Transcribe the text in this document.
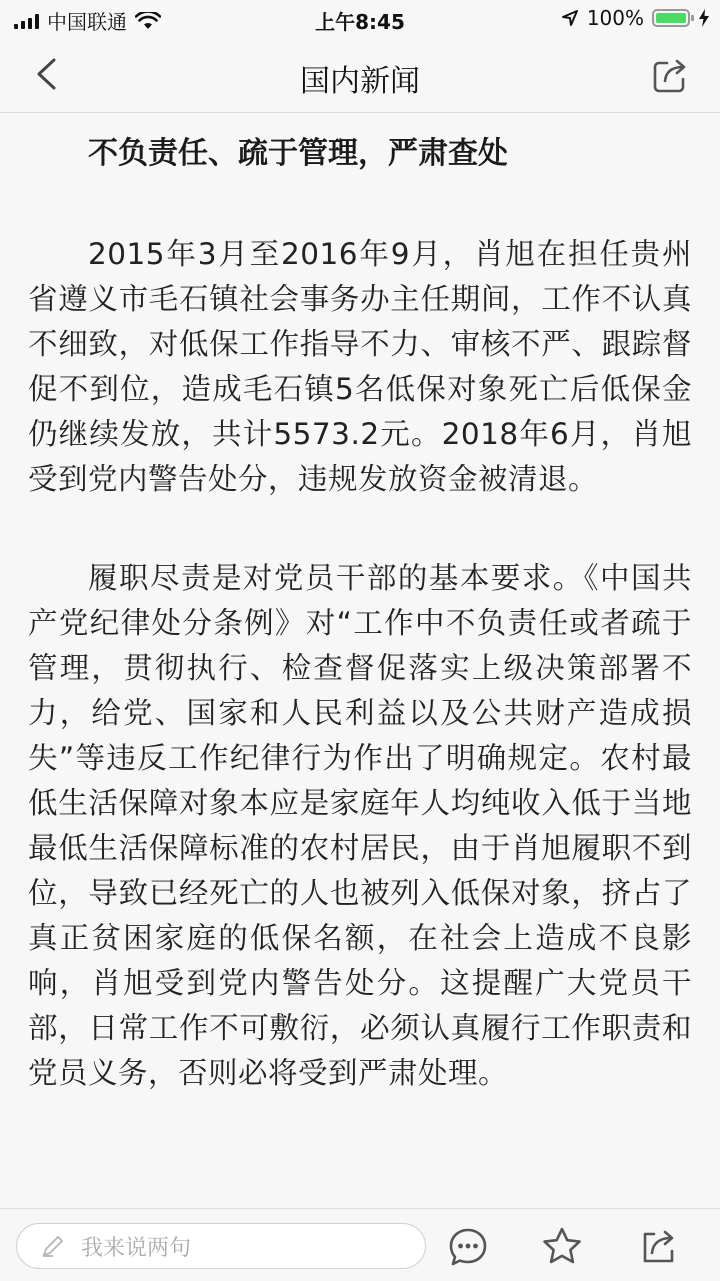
中国联通	上午8:45	100%
国内新闻
不负责任、疏于管理，严肃查处

2015年3月至2016年9月，肖旭在担任贵州省遵义市毛石镇社会事务办主任期间，工作不认真不细致，对低保工作指导不力、审核不严、跟踪督促不到位，造成毛石镇5名低保对象死亡后低保金仍继续发放，共计5573.2元。2018年6月，肖旭受到党内警告处分，违规发放资金被清退。

履职尽责是对党员干部的基本要求。《中国共产党纪律处分条例》对“工作中不负责任或者疏于管理，贯彻执行、检查督促落实上级决策部署不力，给党、国家和人民利益以及公共财产造成损失”等违反工作纪律行为作出了明确规定。农村最低生活保障对象本应是家庭年人均纯收入低于当地最低生活保障标准的农村居民，由于肖旭履职不到位，导致已经死亡的人也被列入低保对象，挤占了真正贫困家庭的低保名额，在社会上造成不良影响，肖旭受到党内警告处分。这提醒广大党员干部，日常工作不可敷衍，必须认真履行工作职责和党员义务，否则必将受到严肃处理。

我来说两句
